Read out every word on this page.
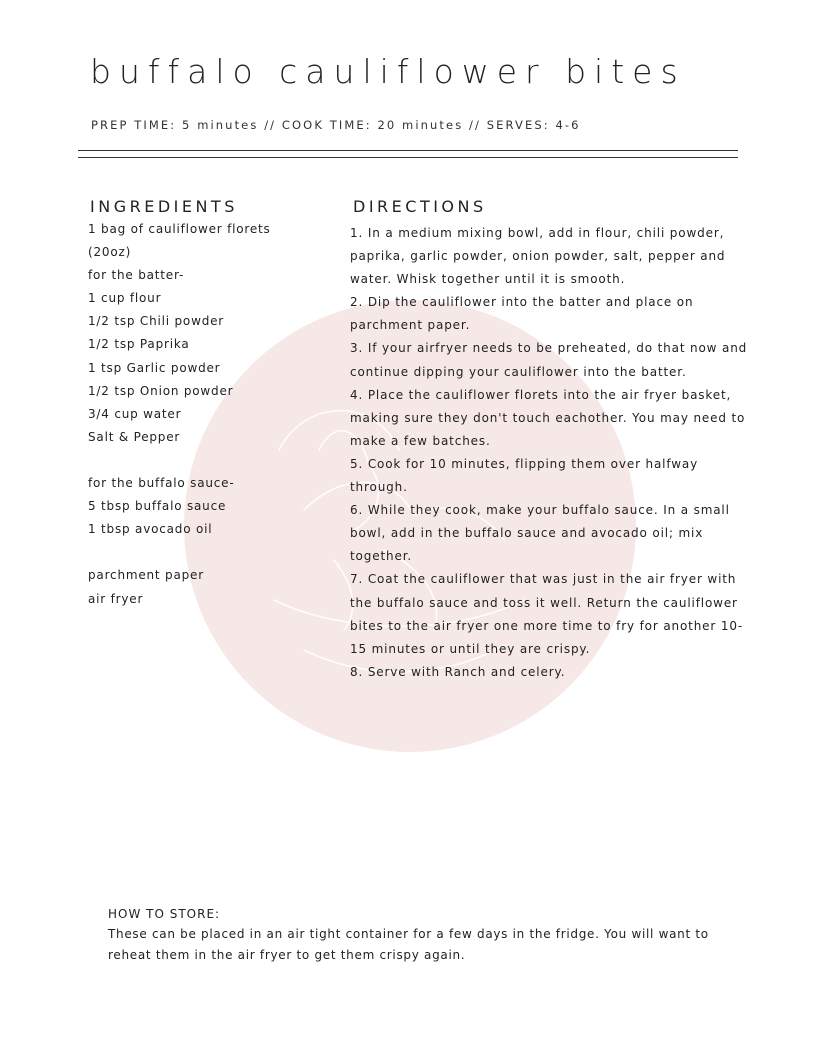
buffalo cauliflower bites
PREP TIME: 5 minutes // COOK TIME: 20 minutes // SERVES: 4-6
INGREDIENTS
1 bag of cauliflower florets
(20oz)
for the batter-
1 cup flour
1/2 tsp Chili powder
1/2 tsp Paprika
1 tsp Garlic powder
1/2 tsp Onion powder
3/4 cup water
Salt & Pepper
for the buffalo sauce-
5 tbsp buffalo sauce
1 tbsp avocado oil
parchment paper
air fryer
DIRECTIONS
1. In a medium mixing bowl, add in flour, chili powder, paprika, garlic powder, onion powder, salt, pepper and water. Whisk together until it is smooth.
2. Dip the cauliflower into the batter and place on parchment paper.
3. If your airfryer needs to be preheated, do that now and continue dipping your cauliflower into the batter.
4. Place the cauliflower florets into the air fryer basket, making sure they don't touch eachother. You may need to make a few batches.
5. Cook for 10 minutes, flipping them over halfway through.
6. While they cook, make your buffalo sauce. In a small bowl, add in the buffalo sauce and avocado oil; mix together.
7. Coat the cauliflower that was just in the air fryer with the buffalo sauce and toss it well. Return the cauliflower bites to the air fryer one more time to fry for another 10-15 minutes or until they are crispy.
8. Serve with Ranch and celery.
HOW TO STORE:
These can be placed in an air tight container for a few days in the fridge. You will want to reheat them in the air fryer to get them crispy again.
